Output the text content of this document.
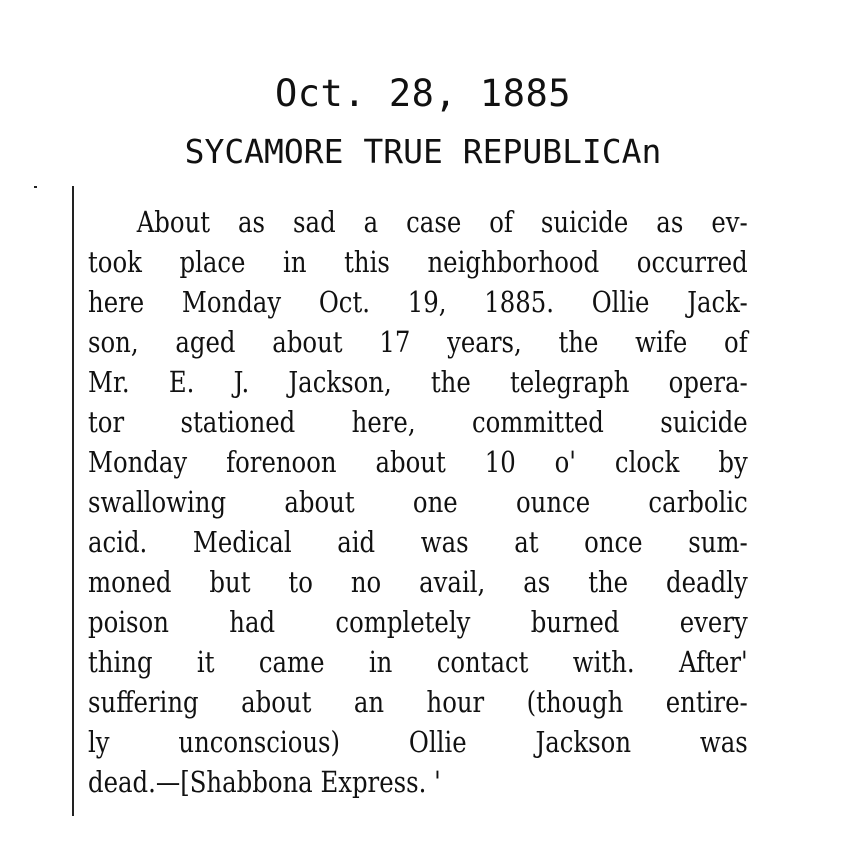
Oct. 28, 1885
SYCAMORE TRUE REPUBLICAn
About as sad a case of suicide as ev-
took place in this neighborhood occurred
here Monday Oct. 19, 1885. Ollie Jack-
son, aged about 17 years, the wife of
Mr. E. J. Jackson, the telegraph opera-
tor stationed here, committed suicide
Monday forenoon about 10 o' clock by
swallowing about one ounce carbolic
acid. Medical aid was at once sum-
moned but to no avail, as the deadly
poison had completely burned every
thing it came in contact with. After'
suffering about an hour (though entire-
ly unconscious) Ollie Jackson was
dead.—[Shabbona Express. '
